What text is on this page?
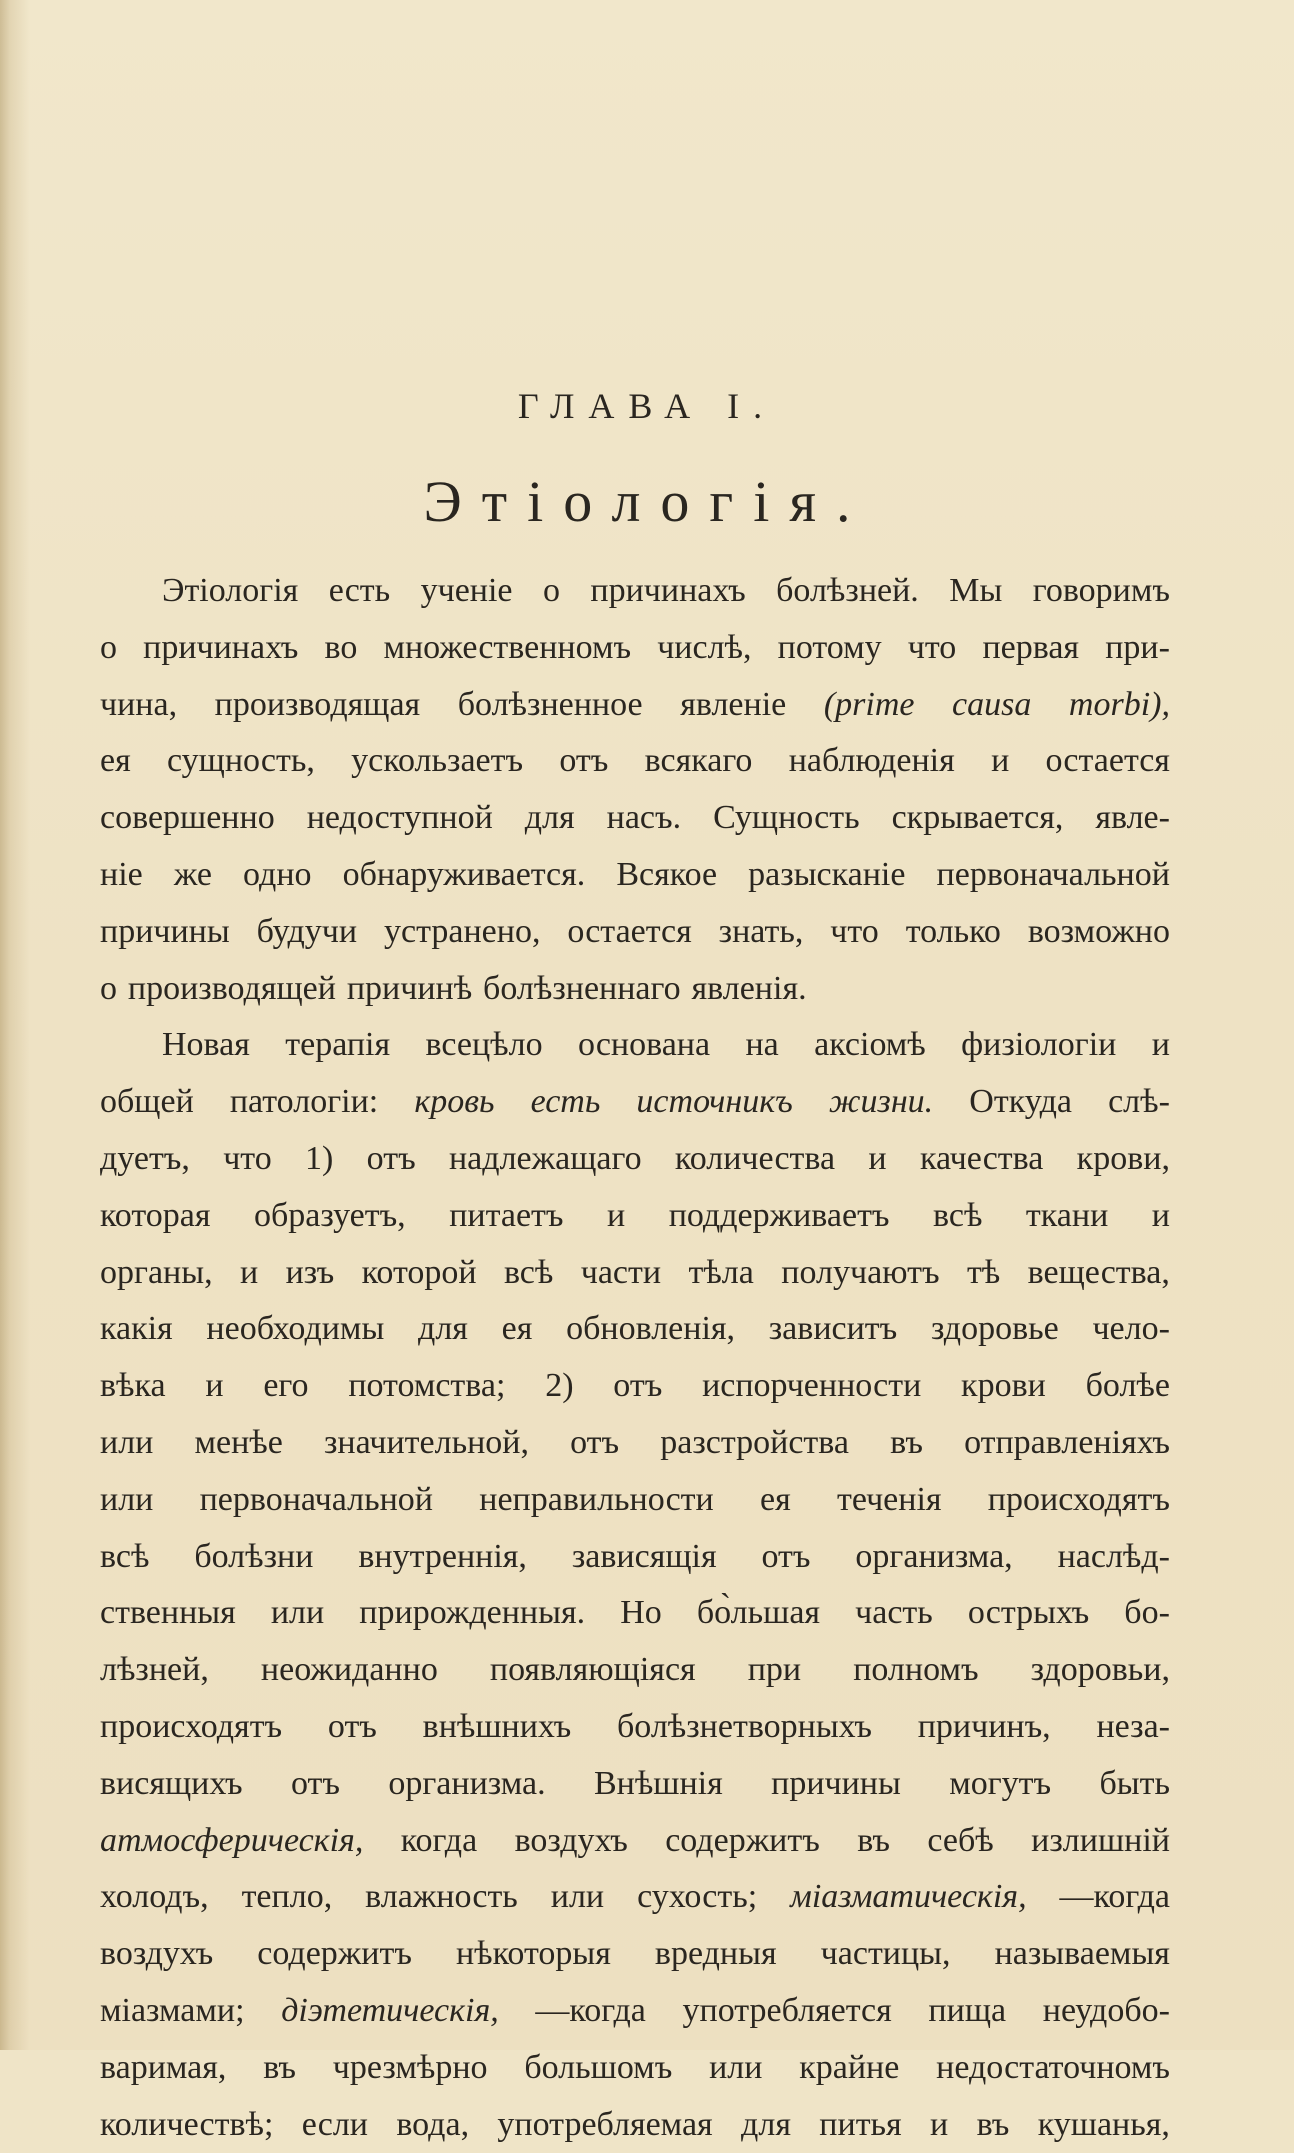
ГЛАВА I.
Этіологія.
Этіологія есть ученіе о причинахъ болѣзней. Мы говоримъ
о причинахъ во множественномъ числѣ, потому что первая при-
чина, производящая болѣзненное явленіе (prime causa morbi),
ея сущность, ускользаетъ отъ всякаго наблюденія и остается
совершенно недоступной для насъ. Сущность скрывается, явле-
ніе же одно обнаруживается. Всякое разысканіе первоначальной
причины будучи устранено, остается знать, что только возможно
о производящей причинѣ болѣзненнаго явленія.
Новая терапія всецѣло основана на аксіомѣ физіологіи и
общей патологіи: кровь есть источникъ жизни. Откуда слѣ-
дуетъ, что 1) отъ надлежащаго количества и качества крови,
которая образуетъ, питаетъ и поддерживаетъ всѣ ткани и
органы, и изъ которой всѣ части тѣла получаютъ тѣ вещества,
какія необходимы для ея обновленія, зависитъ здоровье чело-
вѣка и его потомства; 2) отъ испорченности крови болѣе
или менѣе значительной, отъ разстройства въ отправленіяхъ
или первоначальной неправильности ея теченія происходятъ
всѣ болѣзни внутреннія, зависящія отъ организма, наслѣд-
ственныя или прирожденныя. Но бо̀льшая часть острыхъ бо-
лѣзней, неожиданно появляющіяся при полномъ здоровьи,
происходятъ отъ внѣшнихъ болѣзнетворныхъ причинъ, неза-
висящихъ отъ организма. Внѣшнія причины могутъ быть
атмосферическія, когда воздухъ содержитъ въ себѣ излишній
холодъ, тепло, влажность или сухость; міазматическія, —когда
воздухъ содержитъ нѣкоторыя вредныя частицы, называемыя
міазмами; діэтетическія, —когда употребляется пища неудобо-
варимая, въ чрезмѣрно большомъ или крайне недостаточномъ
количествѣ; если вода, употребляемая для питья и въ кушанья,
